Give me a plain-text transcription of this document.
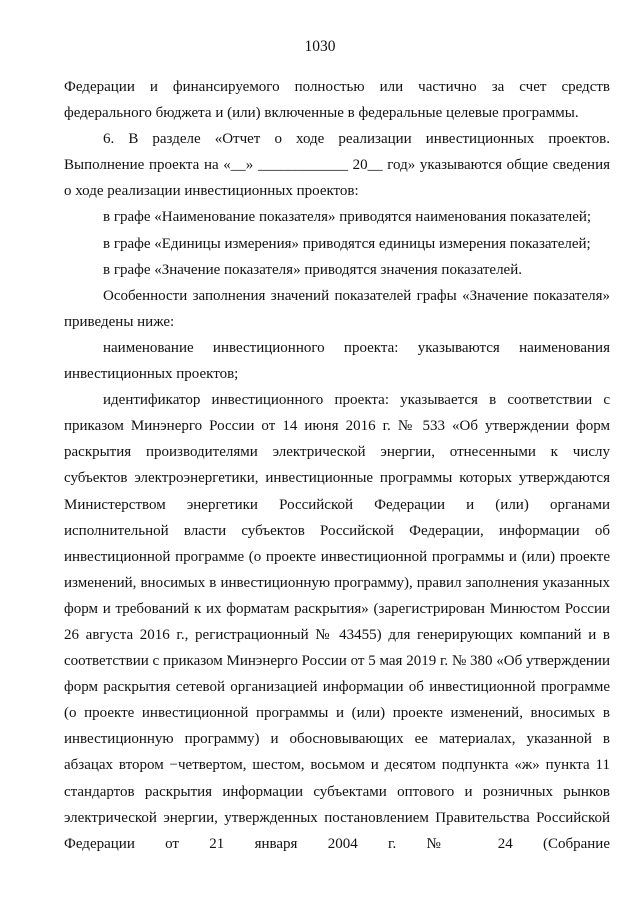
1030

Федерации и финансируемого полностью или частично за счет средств федерального бюджета и (или) включенные в федеральные целевые программы.

6. В разделе «Отчет о ходе реализации инвестиционных проектов. Выполнение проекта на «__» ____________ 20__ год» указываются общие сведения о ходе реализации инвестиционных проектов:

в графе «Наименование показателя» приводятся наименования показателей;

в графе «Единицы измерения» приводятся единицы измерения показателей;

в графе «Значение показателя» приводятся значения показателей.

Особенности заполнения значений показателей графы «Значение показателя» приведены ниже:

наименование инвестиционного проекта: указываются наименования инвестиционных проектов;

идентификатор инвестиционного проекта: указывается в соответствии с приказом Минэнерго России от 14 июня 2016 г. № 533 «Об утверждении форм раскрытия производителями электрической энергии, отнесенными к числу субъектов электроэнергетики, инвестиционные программы которых утверждаются Министерством энергетики Российской Федерации и (или) органами исполнительной власти субъектов Российской Федерации, информации об инвестиционной программе (о проекте инвестиционной программы и (или) проекте изменений, вносимых в инвестиционную программу), правил заполнения указанных форм и требований к их форматам раскрытия» (зарегистрирован Минюстом России 26 августа 2016 г., регистрационный № 43455) для генерирующих компаний и в соответствии с приказом Минэнерго России от 5 мая 2019 г. № 380 «Об утверждении форм раскрытия сетевой организацией информации об инвестиционной программе (о проекте инвестиционной программы и (или) проекте изменений, вносимых в инвестиционную программу) и обосновывающих ее материалах, указанной в абзацах втором −четвертом, шестом, восьмом и десятом подпункта «ж» пункта 11 стандартов раскрытия информации субъектами оптового и розничных рынков электрической энергии, утвержденных постановлением Правительства Российской Федерации от 21 января 2004 г. № 24 (Собрание
